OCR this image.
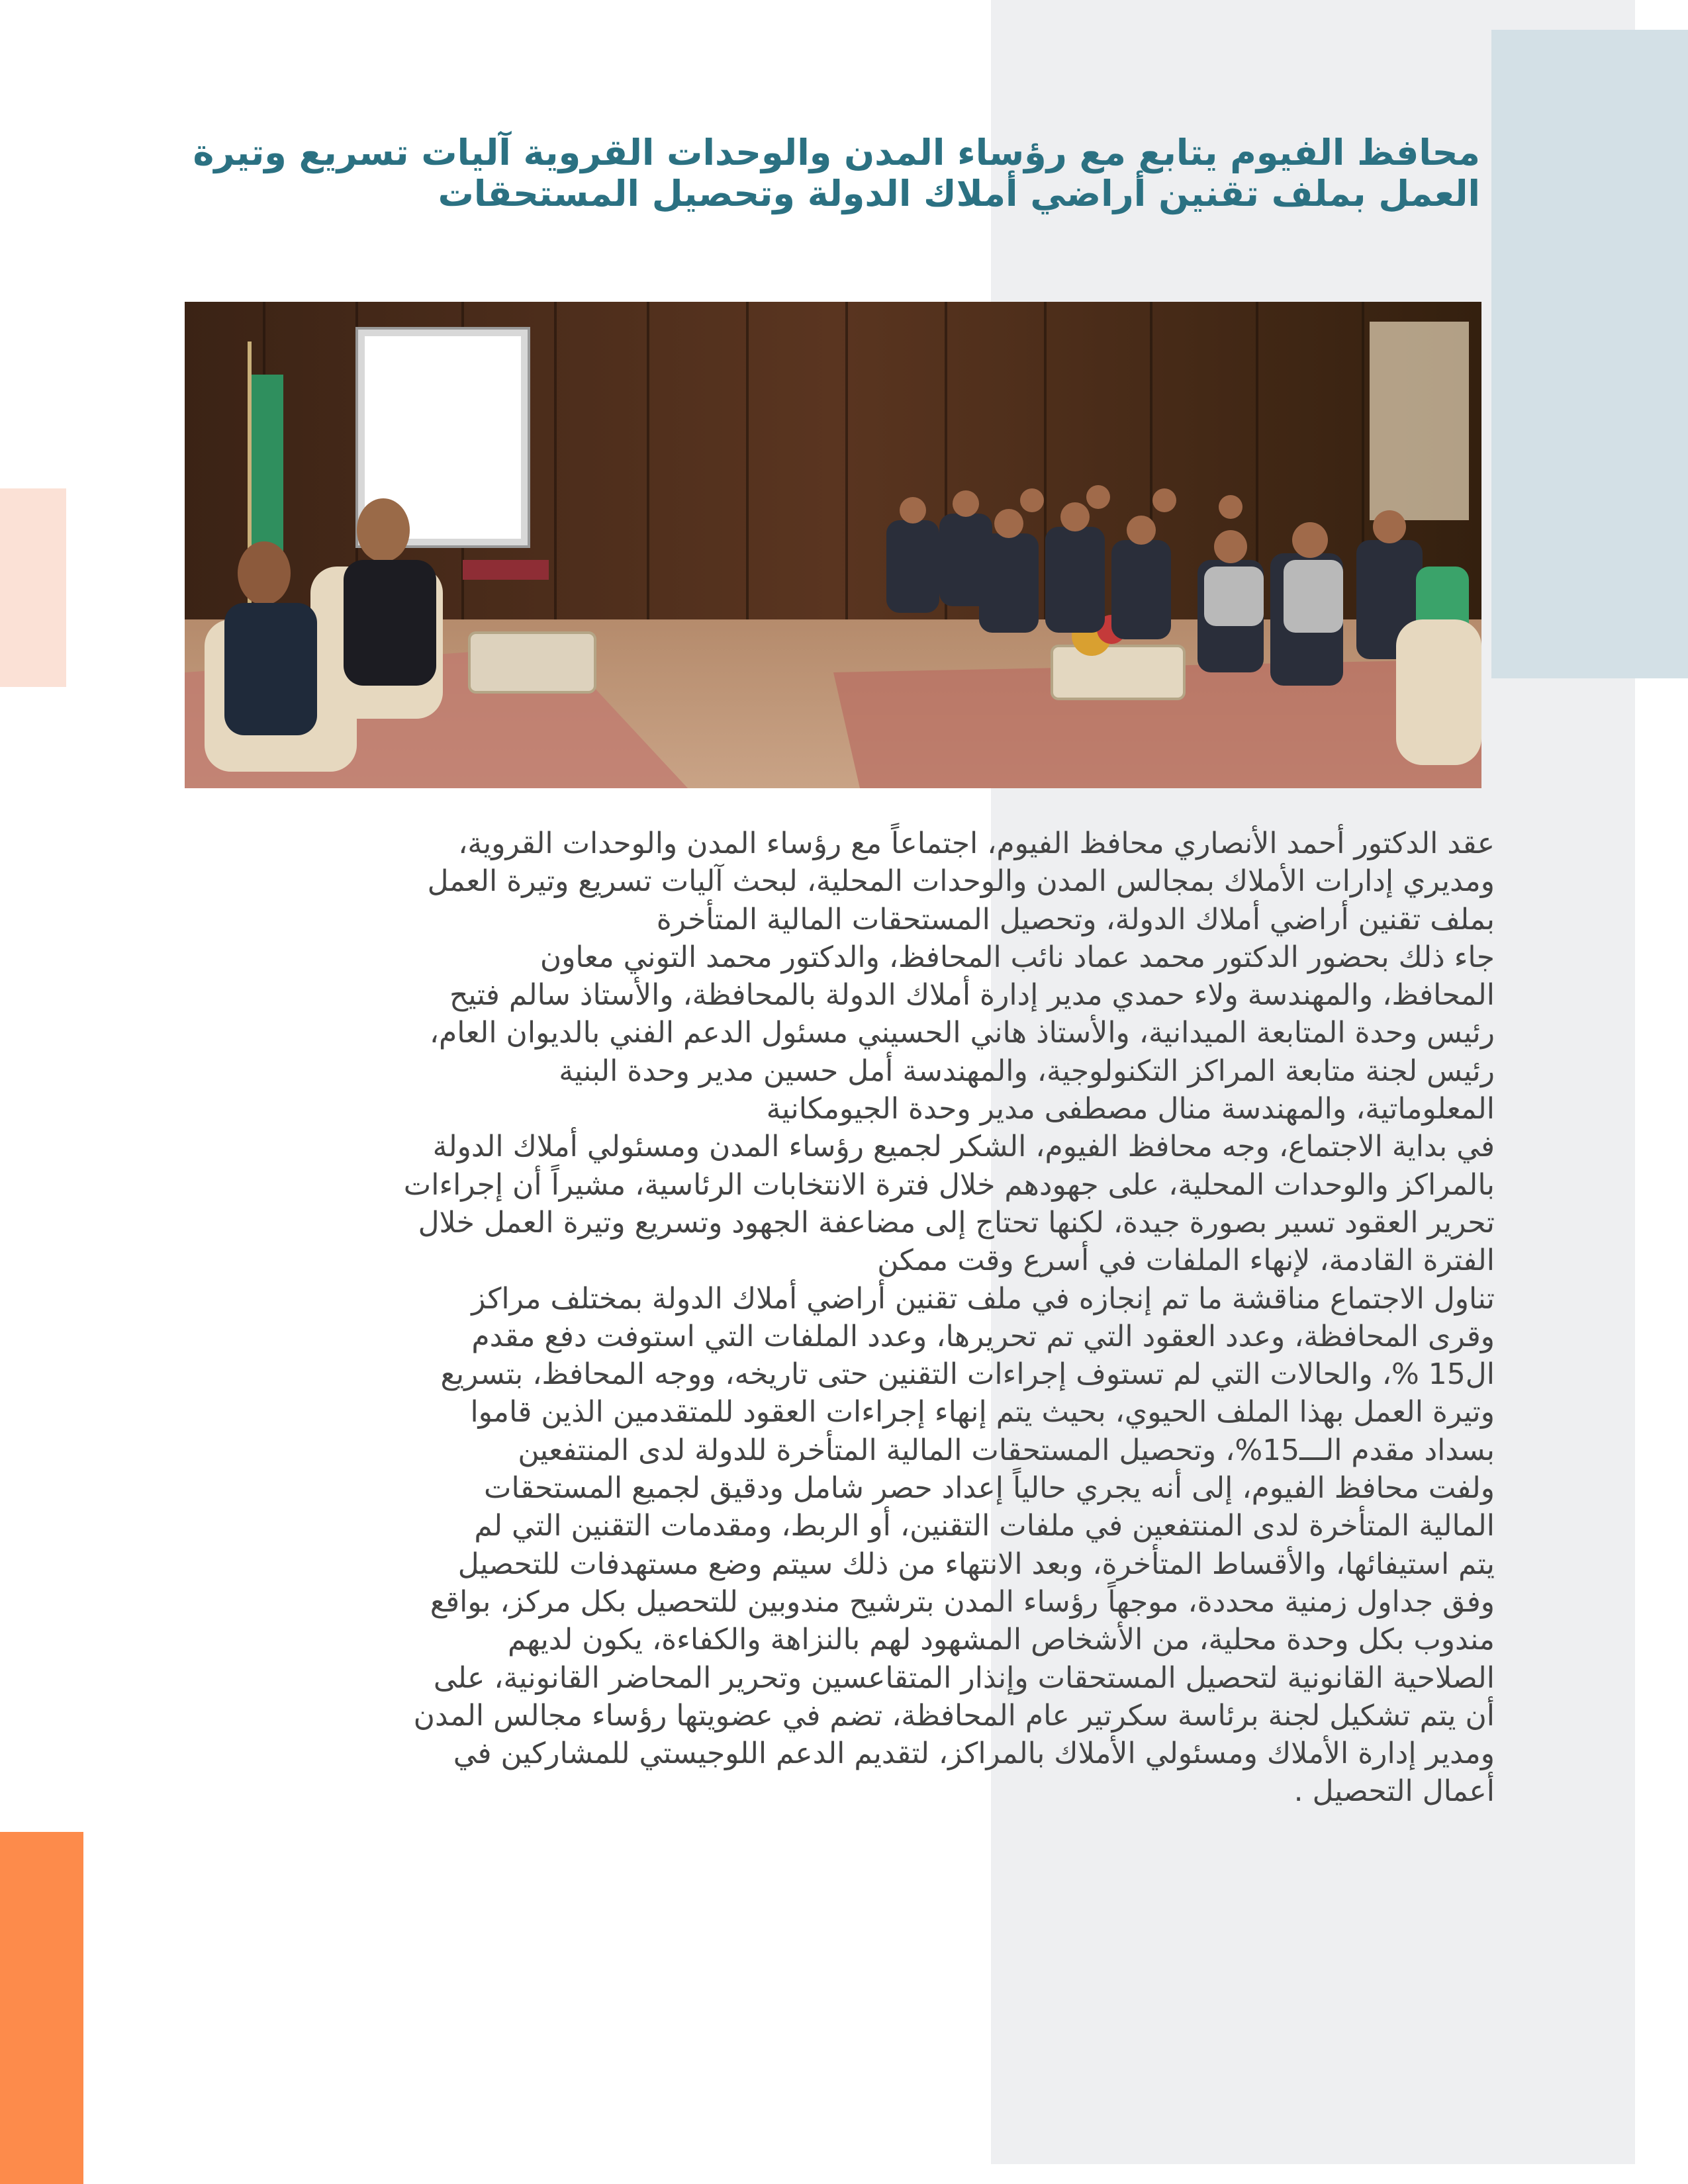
محافظ الفيوم يتابع مع رؤساء المدن والوحدات القروية آليات تسريع وتيرة
العمل بملف تقنين أراضي أملاك الدولة وتحصيل المستحقات
عقد الدكتور أحمد الأنصاري محافظ الفيوم، اجتماعاً مع رؤساء المدن والوحدات القروية،
ومديري إدارات الأملاك بمجالس المدن والوحدات المحلية، لبحث آليات تسريع وتيرة العمل
بملف تقنين أراضي أملاك الدولة، وتحصيل المستحقات المالية المتأخرة
جاء ذلك بحضور الدكتور محمد عماد نائب المحافظ، والدكتور محمد التوني معاون
المحافظ، والمهندسة ولاء حمدي مدير إدارة أملاك الدولة بالمحافظة، والأستاذ سالم فتيح
رئيس وحدة المتابعة الميدانية، والأستاذ هاني الحسيني مسئول الدعم الفني بالديوان العام،
رئيس لجنة متابعة المراكز التكنولوجية، والمهندسة أمل حسين مدير وحدة البنية
المعلوماتية، والمهندسة منال مصطفى مدير وحدة الجيومكانية
في بداية الاجتماع، وجه محافظ الفيوم، الشكر لجميع رؤساء المدن ومسئولي أملاك الدولة
بالمراكز والوحدات المحلية، على جهودهم خلال فترة الانتخابات الرئاسية، مشيراً أن إجراءات
تحرير العقود تسير بصورة جيدة، لكنها تحتاج إلى مضاعفة الجهود وتسريع وتيرة العمل خلال
الفترة القادمة، لإنهاء الملفات في أسرع وقت ممكن
تناول الاجتماع مناقشة ما تم إنجازه في ملف تقنين أراضي أملاك الدولة بمختلف مراكز
وقرى المحافظة، وعدد العقود التي تم تحريرها، وعدد الملفات التي استوفت دفع مقدم
ال15 %، والحالات التي لم تستوف إجراءات التقنين حتى تاريخه، ووجه المحافظ، بتسريع
وتيرة العمل بهذا الملف الحيوي، بحيث يتم إنهاء إجراءات العقود للمتقدمين الذين قاموا
بسداد مقدم الـــ15%، وتحصيل المستحقات المالية المتأخرة للدولة لدى المنتفعين
ولفت محافظ الفيوم، إلى أنه يجري حالياً إعداد حصر شامل ودقيق لجميع المستحقات
المالية المتأخرة لدى المنتفعين في ملفات التقنين، أو الربط، ومقدمات التقنين التي لم
يتم استيفائها، والأقساط المتأخرة، وبعد الانتهاء من ذلك سيتم وضع مستهدفات للتحصيل
وفق جداول زمنية محددة، موجهاً رؤساء المدن بترشيح مندوبين للتحصيل بكل مركز، بواقع
مندوب بكل وحدة محلية، من الأشخاص المشهود لهم بالنزاهة والكفاءة، يكون لديهم
الصلاحية القانونية لتحصيل المستحقات وإنذار المتقاعسين وتحرير المحاضر القانونية، على
أن يتم تشكيل لجنة برئاسة سكرتير عام المحافظة، تضم في عضويتها رؤساء مجالس المدن
ومدير إدارة الأملاك ومسئولي الأملاك بالمراكز، لتقديم الدعم اللوجيستي للمشاركين في
أعمال التحصيل .
